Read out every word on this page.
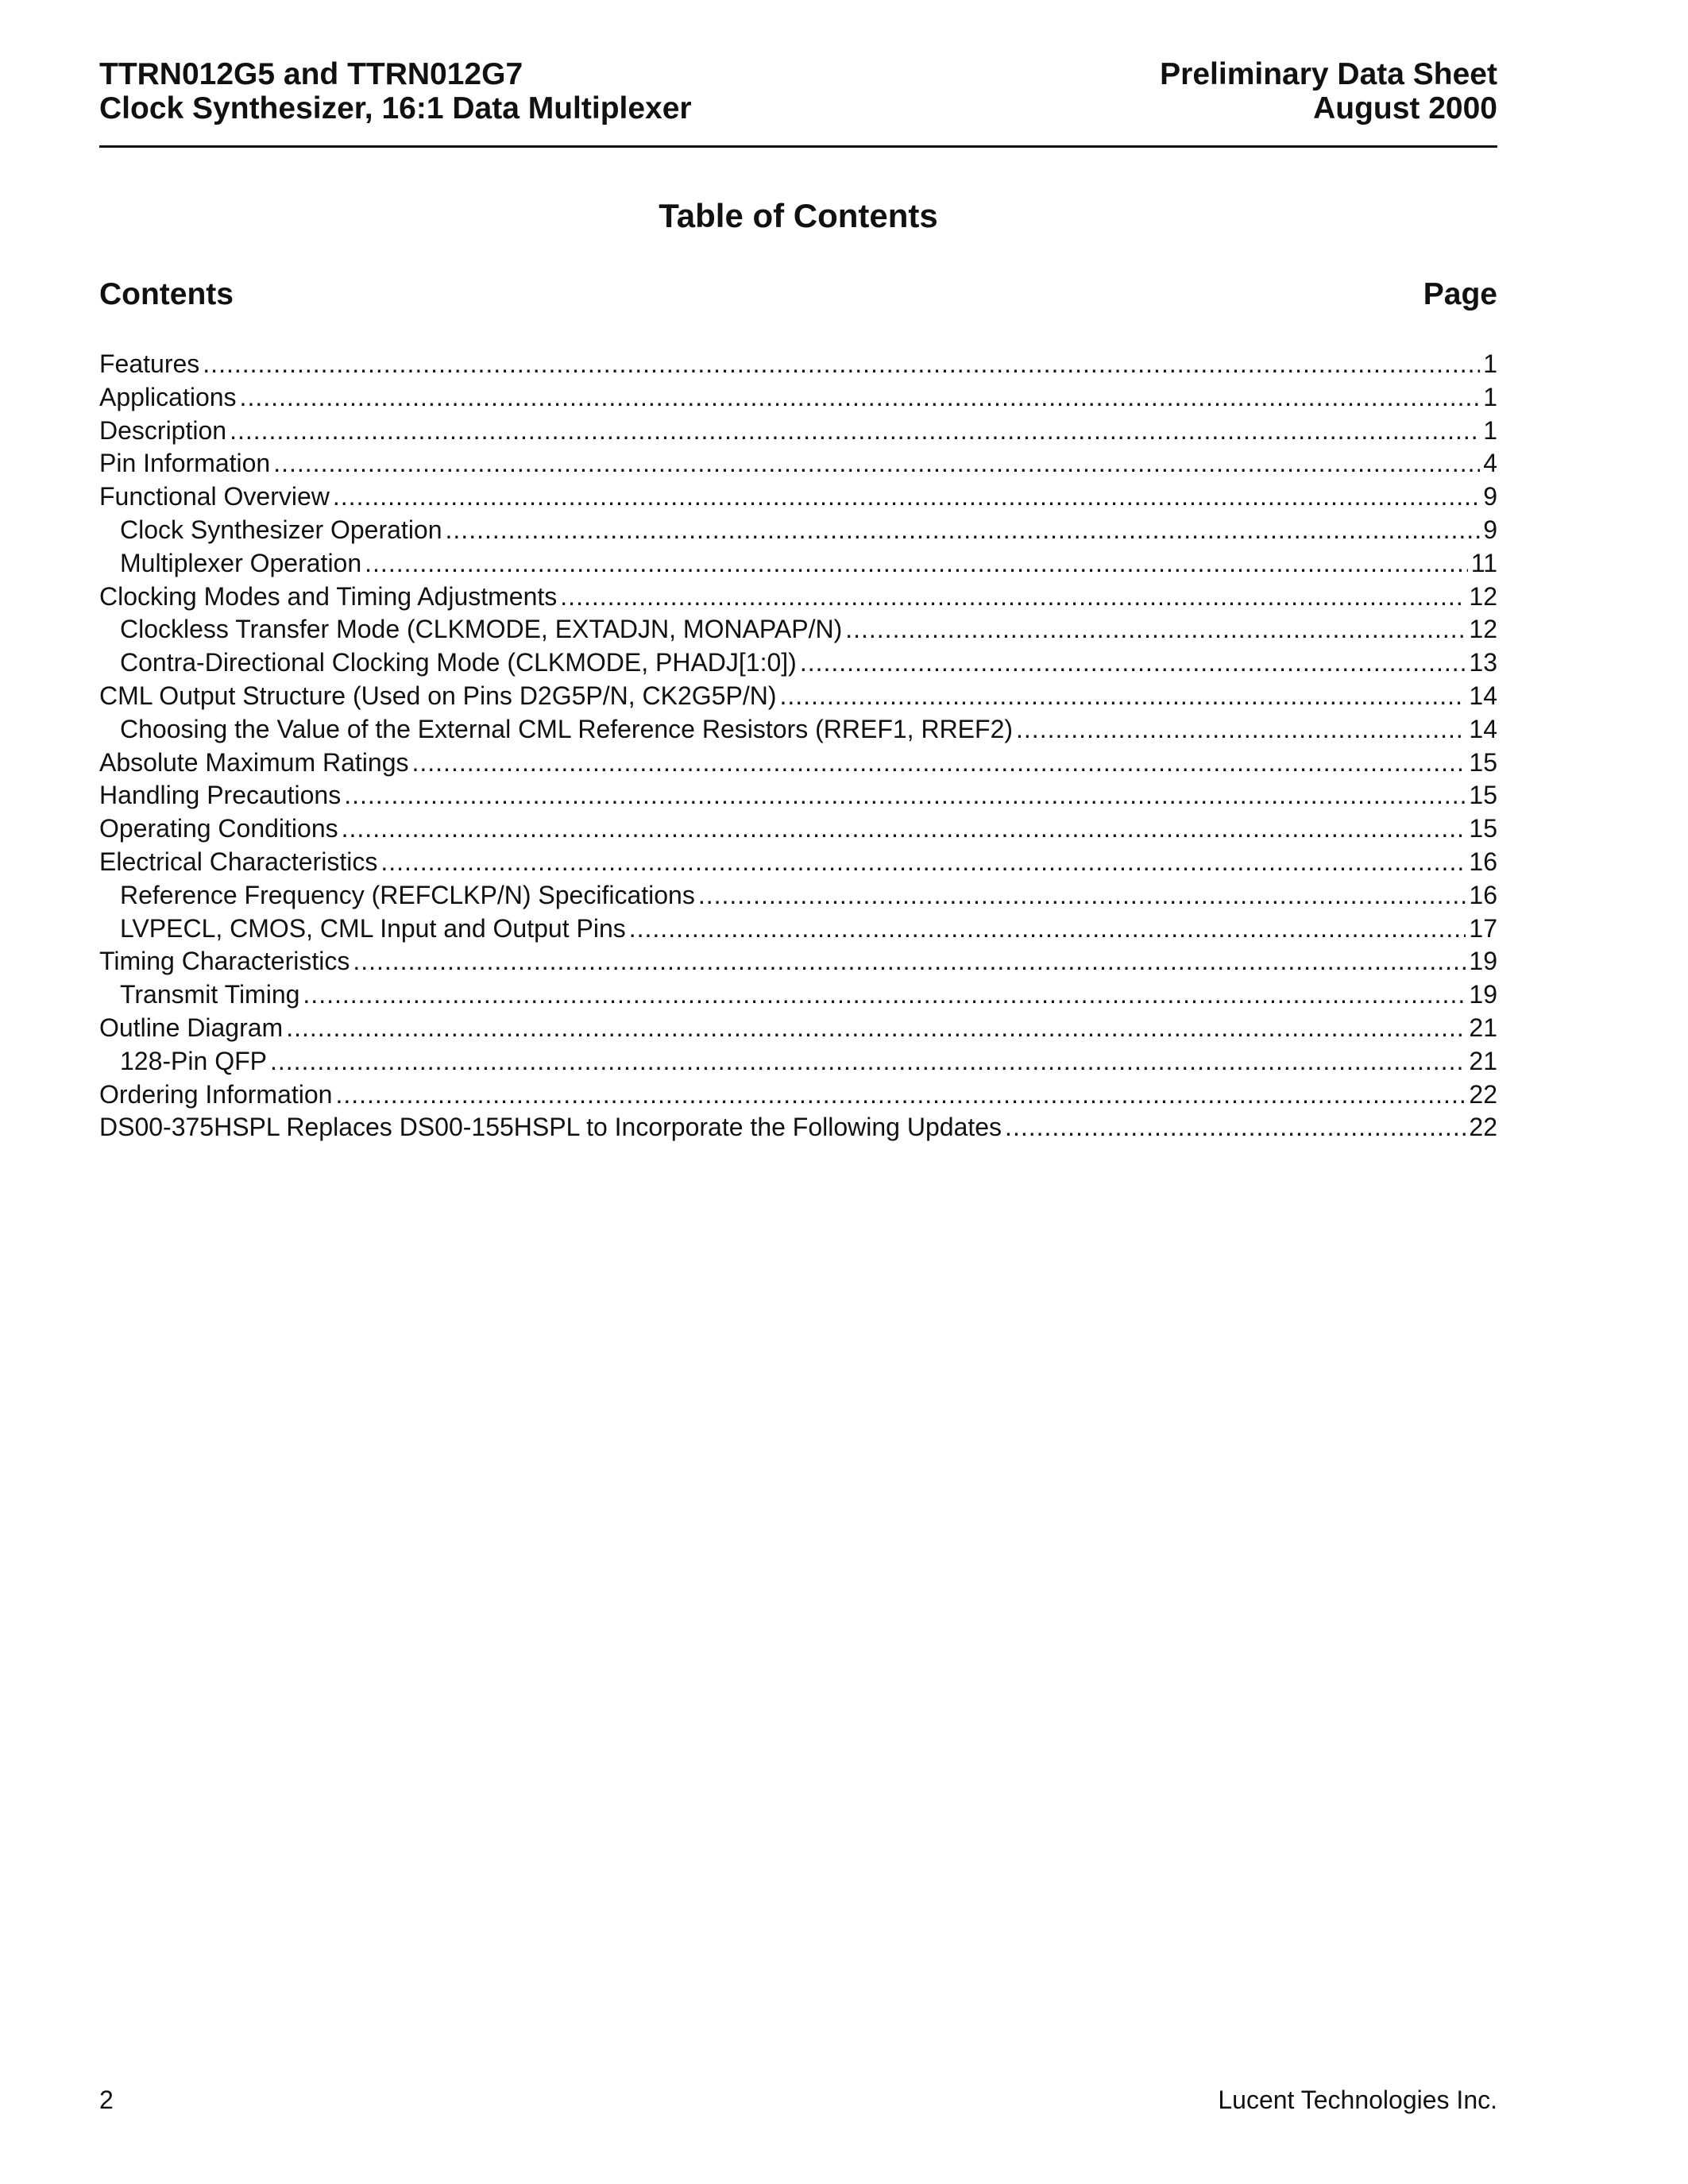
TTRN012G5 and TTRN012G7
Clock Synthesizer, 16:1 Data Multiplexer
Preliminary Data Sheet
August 2000
Table of Contents
Contents	Page
Features .....	1
Applications .....	1
Description .....	1
Pin Information .....	4
Functional Overview .....	9
Clock Synthesizer Operation .....	9
Multiplexer Operation .....	11
Clocking Modes and Timing Adjustments .....	12
Clockless Transfer Mode (CLKMODE, EXTADJN, MONAPAP/N) .....	12
Contra-Directional Clocking Mode (CLKMODE, PHADJ[1:0]) .....	13
CML Output Structure (Used on Pins D2G5P/N, CK2G5P/N) .....	14
Choosing the Value of the External CML Reference Resistors (RREF1, RREF2) .....	14
Absolute Maximum Ratings .....	15
Handling Precautions .....	15
Operating Conditions .....	15
Electrical Characteristics .....	16
Reference Frequency (REFCLKP/N) Specifications .....	16
LVPECL, CMOS, CML Input and Output Pins .....	17
Timing Characteristics .....	19
Transmit Timing .....	19
Outline Diagram .....	21
128-Pin QFP .....	21
Ordering Information .....	22
DS00-375HSPL Replaces DS00-155HSPL to Incorporate the Following Updates .....	22
2	Lucent Technologies Inc.
